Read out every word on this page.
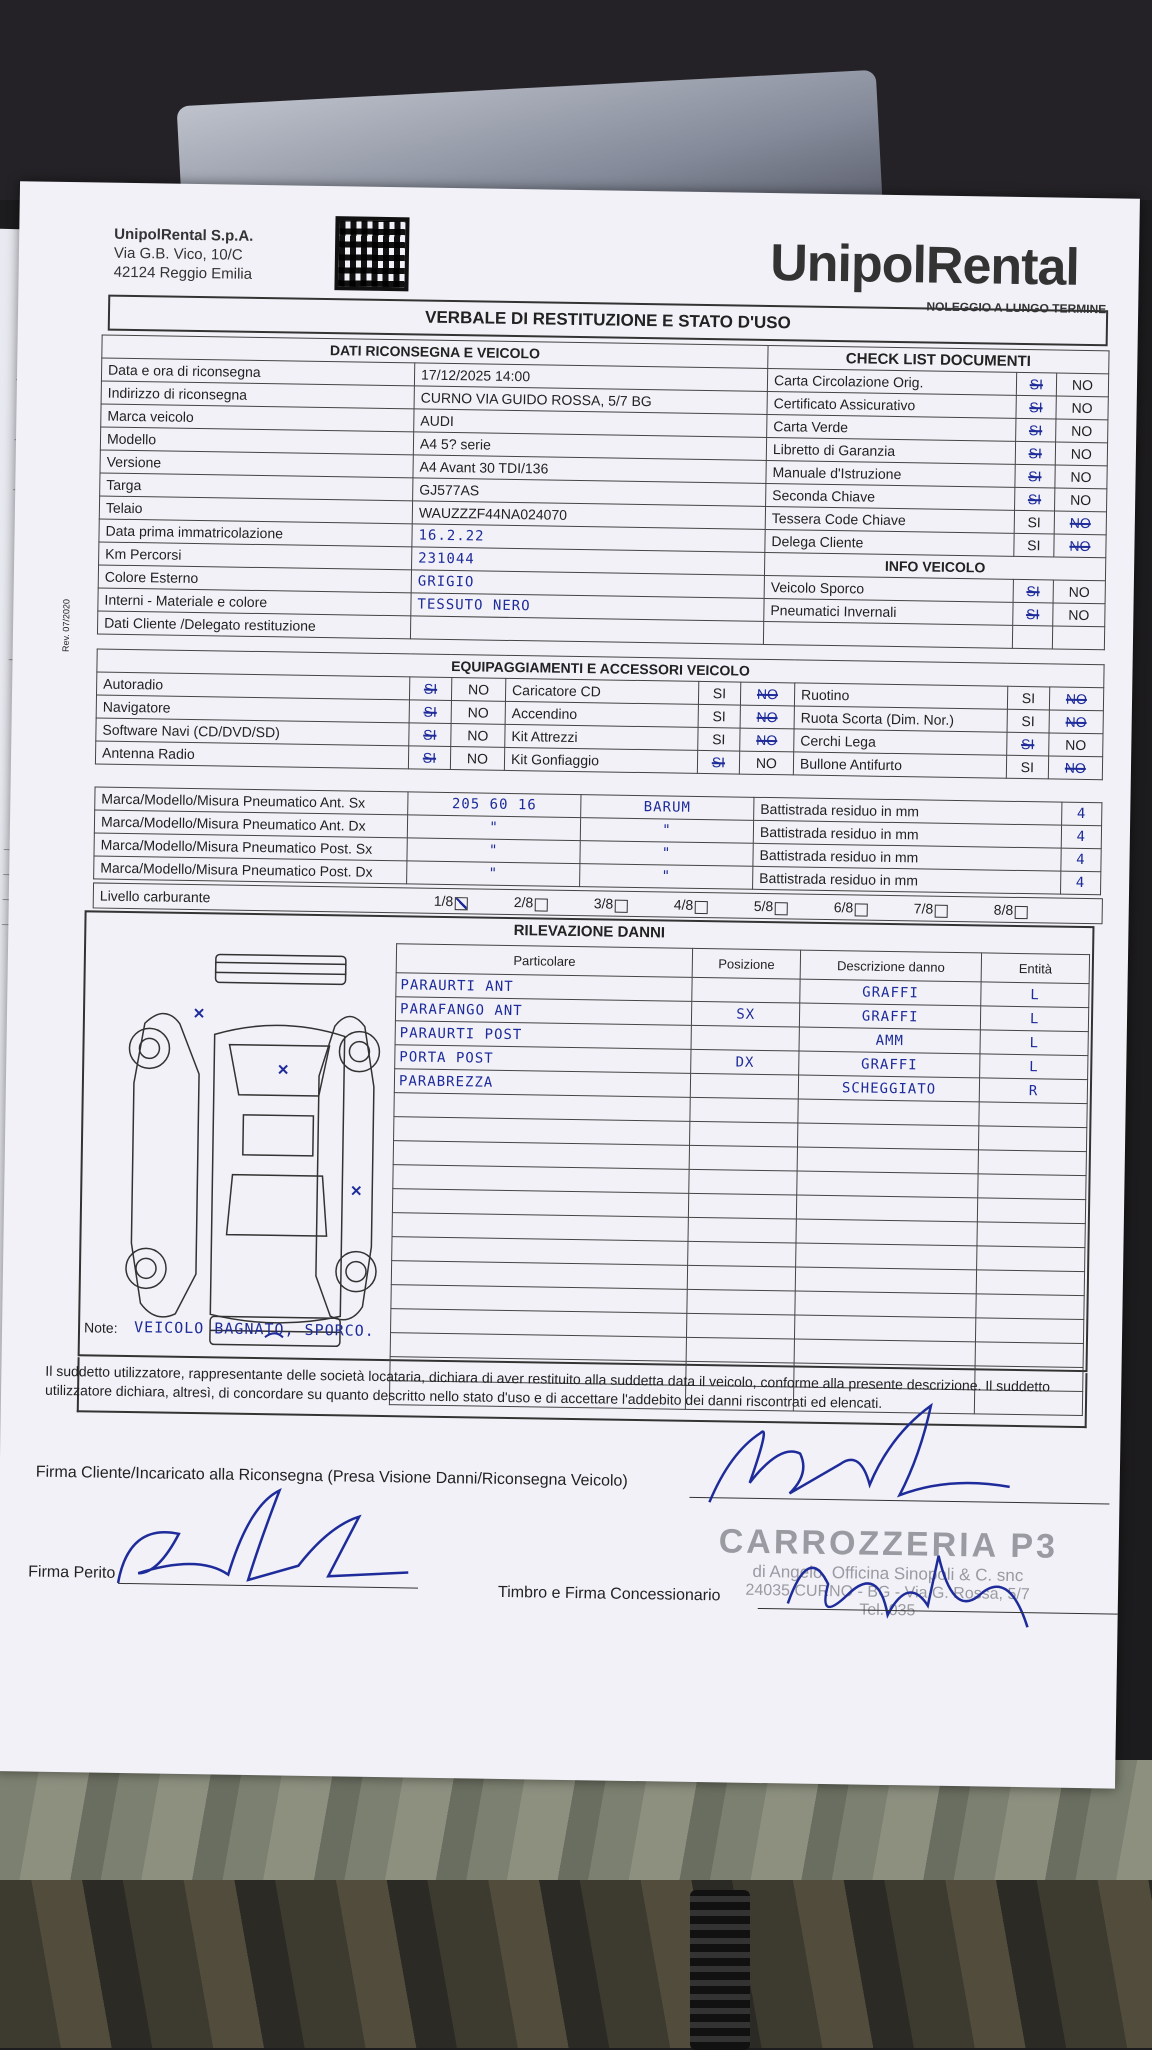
UnipolRental S.p.A.
Via G.B. Vico, 10/C
42124 Reggio Emilia	UnipolRental
NOLEGGIO A LUNGO TERMINE
VERBALE DI RESTITUZIONE E STATO D'USO
Rev. 07/2020
DATI RICONSEGNA E VEICOLO		CHECK LIST DOCUMENTI		
Data e ora di riconsegna	17/12/2025 14:00	Carta Circolazione Orig.	SI	NO
Indirizzo di riconsegna	CURNO VIA GUIDO ROSSA, 5/7 BG	Certificato Assicurativo	SI	NO
Marca veicolo	AUDI	Carta Verde	SI	NO
Modello	A4 5? serie	Libretto di Garanzia	SI	NO
Versione	A4 Avant 30 TDI/136	Manuale d'Istruzione	SI	NO
Targa	GJ577AS	Seconda Chiave	SI	NO
Telaio	WAUZZZF44NA024070	Tessera Code Chiave	SI	NO
Data prima immatricolazione	16.2.22	Delega Cliente	SI	NO
Km Percorsi	231044	INFO VEICOLO		
Colore Esterno	GRIGIO	Veicolo Sporco	SI	NO
Interni - Materiale e colore	TESSUTO NERO	Pneumatici Invernali	SI	NO
Dati Cliente /Delegato restituzione				
EQUIPAGGIAMENTI E ACCESSORI VEICOLO								
Autoradio	SI	NO	Caricatore CD	SI	NO	Ruotino	SI	NO
Navigatore	SI	NO	Accendino	SI	NO	Ruota Scorta (Dim. Nor.)	SI	NO
Software Navi (CD/DVD/SD)	SI	NO	Kit Attrezzi	SI	NO	Cerchi Lega	SI	NO
Antenna Radio	SI	NO	Kit Gonfiaggio	SI	NO	Bullone Antifurto	SI	NO
Marca/Modello/Misura Pneumatico Ant. Sx	205 60 16	BARUM	Battistrada residuo in mm	4
Marca/Modello/Misura Pneumatico Ant. Dx	"	"	Battistrada residuo in mm	4
Marca/Modello/Misura Pneumatico Post. Sx	"	"	Battistrada residuo in mm	4
Marca/Modello/Misura Pneumatico Post. Dx	"	"	Battistrada residuo in mm	4
Livello carburante	1/8	2/8	3/8	4/8	5/8	6/8	7/8	8/8
RILEVAZIONE DANNI
Particolare	Posizione	Descrizione danno	Entità
PARAURTI ANT		GRAFFI	L
PARAFANGO ANT	SX	GRAFFI	L
PARAURTI POST		AMM	L
PORTA POST	DX	GRAFFI	L
PARABREZZA		SCHEGGIATO	R

Note: VEICOLO BAGNATO, SPORCO.
Il suddetto utilizzatore, rappresentante delle società locataria, dichiara di aver restituito alla suddetta data il veicolo, conforme alla presente descrizione. Il suddetto utilizzatore dichiara, altresì, di concordare su quanto descritto nello stato d'uso e di accettare l'addebito dei danni riscontrati ed elencati.
Firma Cliente/Incaricato alla Riconsegna (Presa Visione Danni/Riconsegna Veicolo)
Firma Perito
CARROZZERIA P3
di Angelo, Officina Sinopoli & C. snc
24035 CURNO - BG - Via G. Rossa, 5/7
Timbro e Firma Concessionario
